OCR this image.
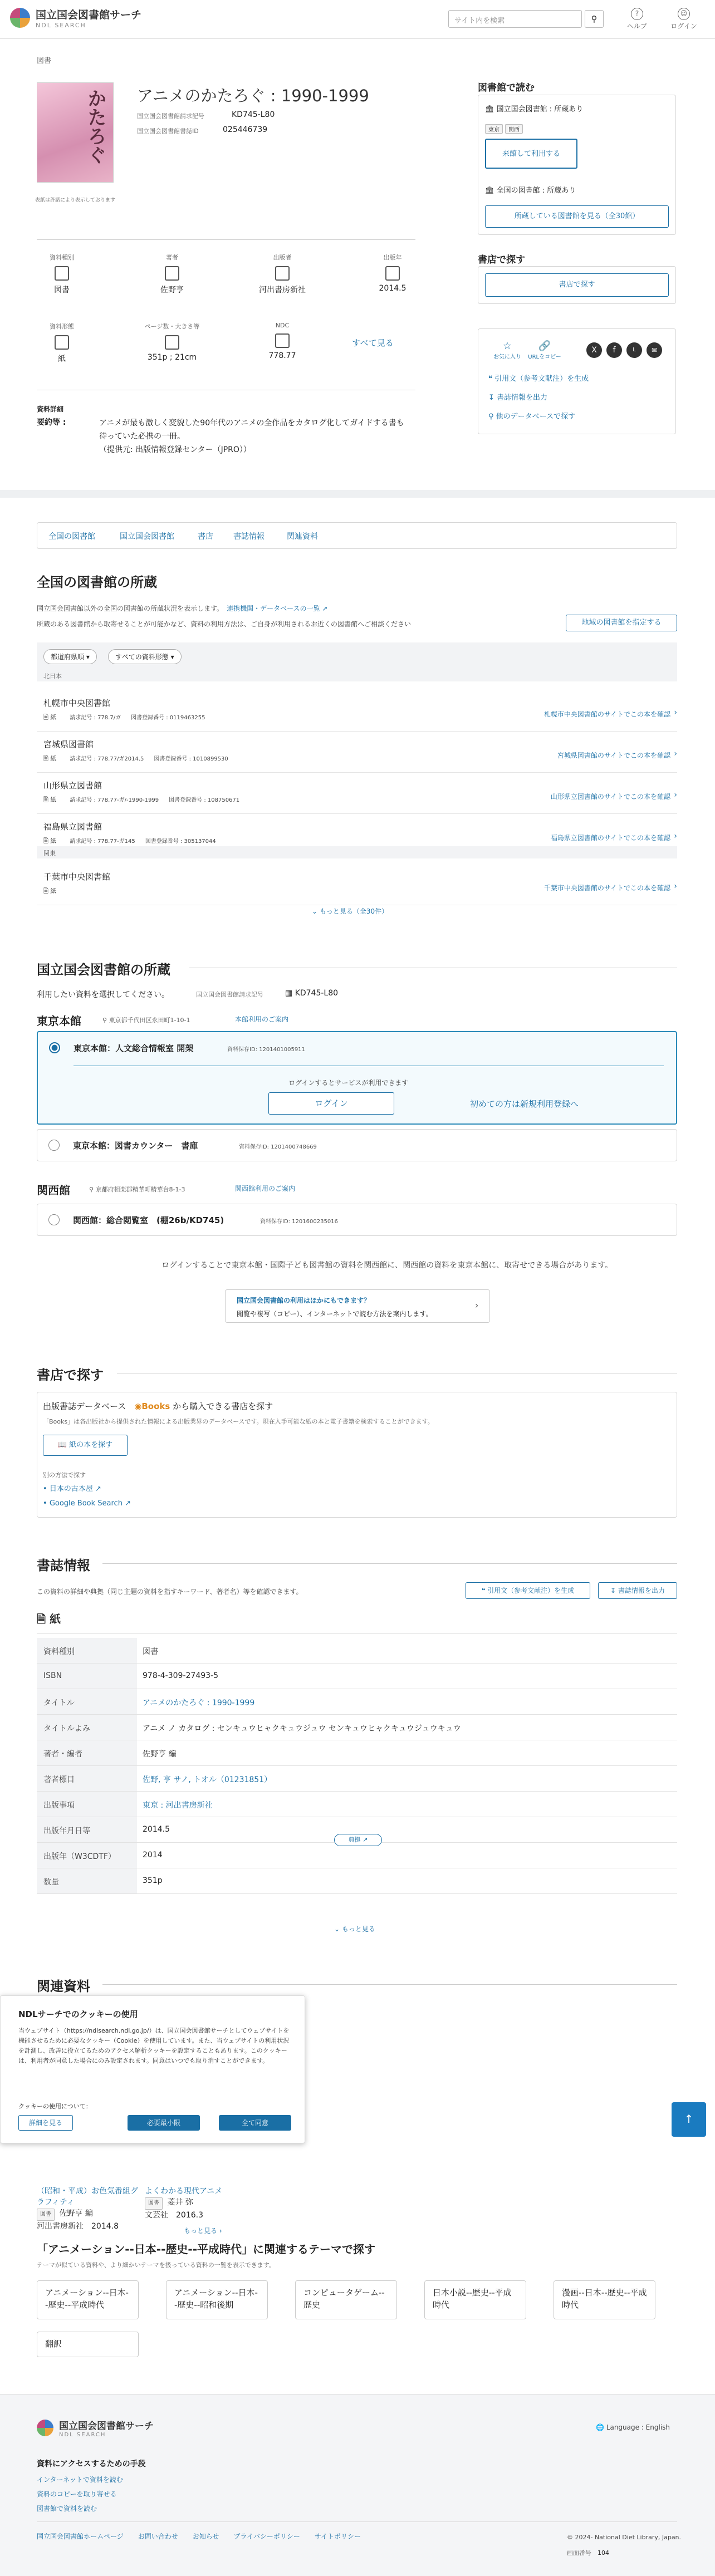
国立国会図書館サーチ
NDL SEARCH
サイト内を検索	⚲
?
ヘルプ
☺
ログイン
図書
かたろぐ
表紙は許諾により表示しております
アニメのかたろぐ : 1990-1999
国立国会図書館請求記号	KD745-L80
国立国会図書館書誌ID	025446739
資料種別
図書
著者
佐野亨
出版者
河出書房新社
出版年
2014.5
資料形態
紙
ページ数・大きさ等
351p ; 21cm
NDC
778.77
すべて見る
資料詳細
要約等 :	アニメが最も激しく変貌した90年代のアニメの全作品をカタログ化してガイドする書も待っていた必携の一冊。
（提供元: 出版情報登録センター（JPRO））
図書館で読む
🏛 国立国会図書館 : 所蔵あり
東京 関西
来館して利用する
🏛 全国の図書館 : 所蔵あり
所蔵している図書館を見る（全30館）
書店で探す
書店で探す
☆
お気に入り
🔗
URLをコピー
X	f	L	✉
❝ 引用文（参考文献注）を生成
↧ 書誌情報を出力
⚲ 他のデータベースで探す
全国の図書館	国立国会図書館	書店	書誌情報	関連資料
全国の図書館の所蔵
国立国会図書館以外の全国の図書館の所蔵状況を表示します。　 連携機関・データベースの一覧 ↗
所蔵のある図書館から取寄せることが可能かなど、資料の利用方法は、ご自身が利用されるお近くの図書館へご相談ください	地域の図書館を指定する
都道府県順 ▾	すべての資料形態 ▾
北日本
札幌市中央図書館
🗎 紙 請求記号 : 778.7/ガ 図書登録番号 : 0119463255	札幌市中央図書館のサイトでこの本を確認 ›
宮城県図書館
🗎 紙 請求記号 : 778.77/ガ2014.5 図書登録番号 : 1010899530	宮城県図書館のサイトでこの本を確認 ›
山形県立図書館
🗎 紙 請求記号 : 778.77-ガ/-1990-1999 図書登録番号 : 108750671	山形県立図書館のサイトでこの本を確認 ›
福島県立図書館
🗎 紙 請求記号 : 778.77-ガ145 図書登録番号 : 305137044	福島県立図書館のサイトでこの本を確認 ›
千葉市中央図書館
🗎 紙	千葉市中央図書館のサイトでこの本を確認 ›
関東
⌄ もっと見る（全30件）
国立国会図書館の所蔵
利用したい資料を選択してください。	国立国会図書館請求記号	▦ KD745-L80
東京本館	⚲ 東京都千代田区永田町1-10-1	本館利用のご案内
東京本館：人文総合情報室 開架	資料保存ID: 1201401005911
ログインするとサービスが利用できます
ログイン	初めての方は新規利用登録へ
東京本館：図書カウンター　書庫	資料保存ID: 1201400748669
関西館	⚲ 京都府相楽郡精華町精華台8-1-3	関西館利用のご案内
関西館：総合閲覧室　(棚26b/KD745)	資料保存ID: 1201600235016
ログインすることで東京本館・国際子ども図書館の資料を関西館に、関西館の資料を東京本館に、取寄せできる場合があります。
国立国会図書館の利用はほかにもできます？
閲覧や複写（コピー）、インターネットで読む方法を案内します。
›
書店で探す
出版書誌データベース　 ◉Books から購入できる書店を探す
「Books」は各出版社から提供された情報による出版業界のデータベースです。現在入手可能な紙の本と電子書籍を検索することができます。
📖 紙の本を探す
別の方法で探す
• 日本の古本屋 ↗
• Google Book Search ↗
書誌情報
この資料の詳細や典拠（同じ主題の資料を指すキーワード、著者名）等を確認できます。	❝ 引用文（参考文献注）を生成	↧ 書誌情報を出力
🗎 紙
資料種別	図書
ISBN	978-4-309-27493-5
タイトル	アニメのかたろぐ : 1990-1999
タイトルよみ	アニメ ノ カタログ : センキュウヒャクキュウジュウ センキュウヒャクキュウジュウキュウ
著者・編者	佐野亨 編
著者標目	佐野, 亨 サノ, トオル（01231851）
出版事項	東京 : 河出書房新社
出版年月日等	2014.5
出版年（W3CDTF）	2014
数量	351p
典拠 ↗
⌄ もっと見る
関連資料
（昭和・平成）お色気番組グラフィティ
図書 佐野亨 編
河出書房新社　 2014.8
よくわかる現代アニメ
図書 菱井 弥
文芸社　 2016.3
もっと見る ›
NDLサーチでのクッキーの使用
当ウェブサイト（https://ndlsearch.ndl.go.jp/）は、国立国会図書館サーチとしてウェブサイトを機能させるために必要なクッキー（Cookie）を使用しています。また、当ウェブサイトの利用状況を計測し、改善に役立てるためのアクセス解析クッキーを設定することもあります。このクッキーは、利用者が同意した場合にのみ設定されます。同意はいつでも取り消すことができます。
クッキーの使用について：
詳細を見る	必要最小限	全て同意	↑
「アニメーション--日本--歴史--平成時代」に関連するテーマで探す
テーマが似ている資料や、より細かいテーマを扱っている資料の一覧を表示できます。
アニメーション--日本--歴史--平成時代
アニメーション--日本--歴史--昭和後期
コンピュータゲーム--歴史
日本小説--歴史--平成時代
漫画--日本--歴史--平成時代
翻訳
国立国会図書館サーチ
NDL SEARCH
🌐 Language : English
資料にアクセスするための手段
インターネットで資料を読む
資料のコピーを取り寄せる
図書館で資料を読む
国立国会図書館ホームページ お問い合わせ お知らせ プライバシーポリシー サイトポリシー	© 2024- National Diet Library, Japan.
画面番号　 104
